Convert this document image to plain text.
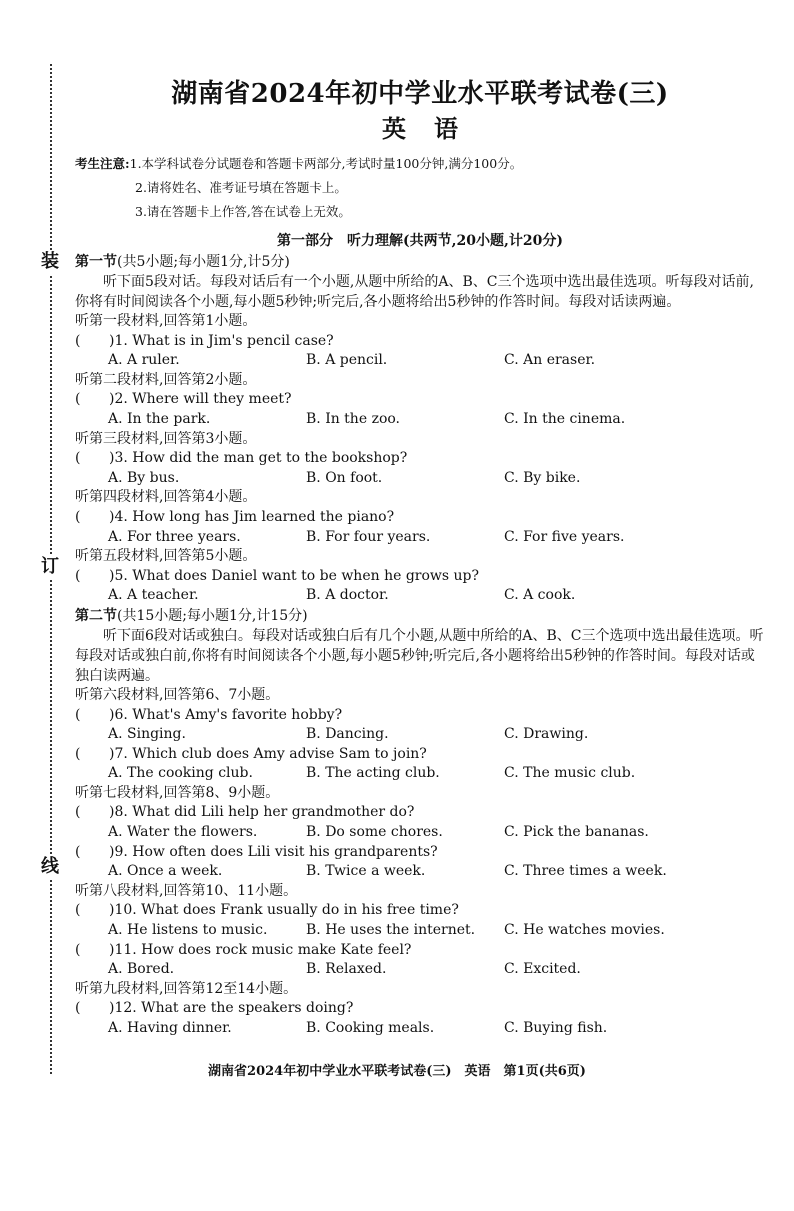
装
订
线
湖南省2024年初中学业水平联考试卷(三)
英语
考生注意:1.本学科试卷分试题卷和答题卡两部分,考试时量100分钟,满分100分。
2.请将姓名、准考证号填在答题卡上。
3.请在答题卡上作答,答在试卷上无效。
第一部分　听力理解(共两节,20小题,计20分)
第一节(共5小题;每小题1分,计5分)
听下面5段对话。每段对话后有一个小题,从题中所给的A、B、C三个选项中选出最佳选项。听每段对话前,你将有时间阅读各个小题,每小题5秒钟;听完后,各小题将给出5秒钟的作答时间。每段对话读两遍。
听第一段材料,回答第1小题。
( )1. What is in Jim's pencil case?
A. A ruler.	B. A pencil.	C. An eraser.
听第二段材料,回答第2小题。
( )2. Where will they meet?
A. In the park.	B. In the zoo.	C. In the cinema.
听第三段材料,回答第3小题。
( )3. How did the man get to the bookshop?
A. By bus.	B. On foot.	C. By bike.
听第四段材料,回答第4小题。
( )4. How long has Jim learned the piano?
A. For three years.	B. For four years.	C. For five years.
听第五段材料,回答第5小题。
( )5. What does Daniel want to be when he grows up?
A. A teacher.	B. A doctor.	C. A cook.
第二节(共15小题;每小题1分,计15分)
听下面6段对话或独白。每段对话或独白后有几个小题,从题中所给的A、B、C三个选项中选出最佳选项。听每段对话或独白前,你将有时间阅读各个小题,每小题5秒钟;听完后,各小题将给出5秒钟的作答时间。每段对话或独白读两遍。
听第六段材料,回答第6、7小题。
( )6. What's Amy's favorite hobby?
A. Singing.	B. Dancing.	C. Drawing.
( )7. Which club does Amy advise Sam to join?
A. The cooking club.	B. The acting club.	C. The music club.
听第七段材料,回答第8、9小题。
( )8. What did Lili help her grandmother do?
A. Water the flowers.	B. Do some chores.	C. Pick the bananas.
( )9. How often does Lili visit his grandparents?
A. Once a week.	B. Twice a week.	C. Three times a week.
听第八段材料,回答第10、11小题。
( )10. What does Frank usually do in his free time?
A. He listens to music.	B. He uses the internet.	C. He watches movies.
( )11. How does rock music make Kate feel?
A. Bored.	B. Relaxed.	C. Excited.
听第九段材料,回答第12至14小题。
( )12. What are the speakers doing?
A. Having dinner.	B. Cooking meals.	C. Buying fish.
湖南省2024年初中学业水平联考试卷(三)　英语　第1页(共6页)
